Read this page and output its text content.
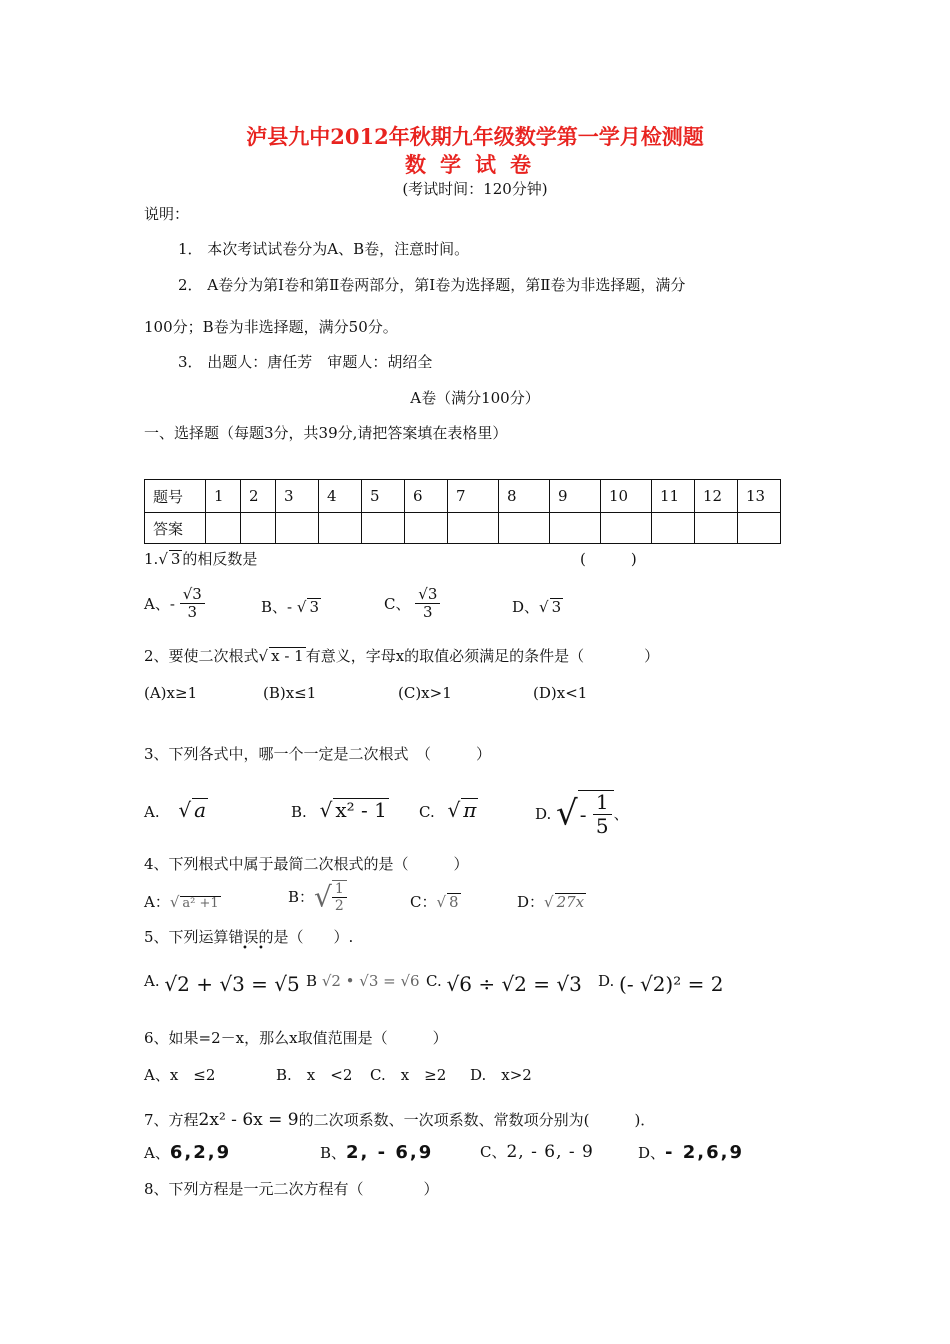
泸县九中2012年秋期九年级数学第一学月检测题
数学试卷
(考试时间：120分钟)
说明：
1． 本次考试试卷分为A、B卷，注意时间。
2． A卷分为第Ⅰ卷和第Ⅱ卷两部分，第Ⅰ卷为选择题，第Ⅱ卷为非选择题，满分
100分；B卷为非选择题，满分50分。
3． 出题人：唐任芳　审题人：胡绍全
A卷（满分100分）
一、选择题（每题3分，共39分,请把答案填在表格里）
题号	1	2	3	4	5	6	7	8	9	10	11	12	13
答案													
1.√ 3 的相反数是	(　　　)
A、- $\frac{√3}{3}$	B、- √ 3	C、 $\frac{√3}{3}$	D、√ 3
2、要使二次根式√ x - 1 有意义，字母x的取值必须满足的条件是（　　　　）
(A)x≥1	(B)x≤1	(C)x>1	(D)x<1
3、下列各式中，哪一个一定是二次根式　（　　　）
A. √ a	B. √ x² - 1 C. √ π	D. √ - $\frac{1}{5}$ 、
4、下列根式中属于最简二次根式的是（　　　）
A：√ a² +1	B：√ $\frac{1}{2}$	C：√ 8	D：√ 27x
5、下列运算错误的是（　　）.
• •
A. √2 + √3 = √5 B √2 • √3 = √6 C. √6 ÷ √2 = √3 D. (- √2)² = 2
6、如果=2－x，那么x取值范围是（　　　）
A、x　≤2	B.　x　<2 C.　x　≥2 D.　x>2
7、方程2x² - 6x = 9的二次项系数、一次项系数、常数项分别为(　　　)．
A、6,2,9	B、2, - 6,9	C、2, - 6, - 9	D、- 2,6,9
8、下列方程是一元二次方程有（　　　　）
